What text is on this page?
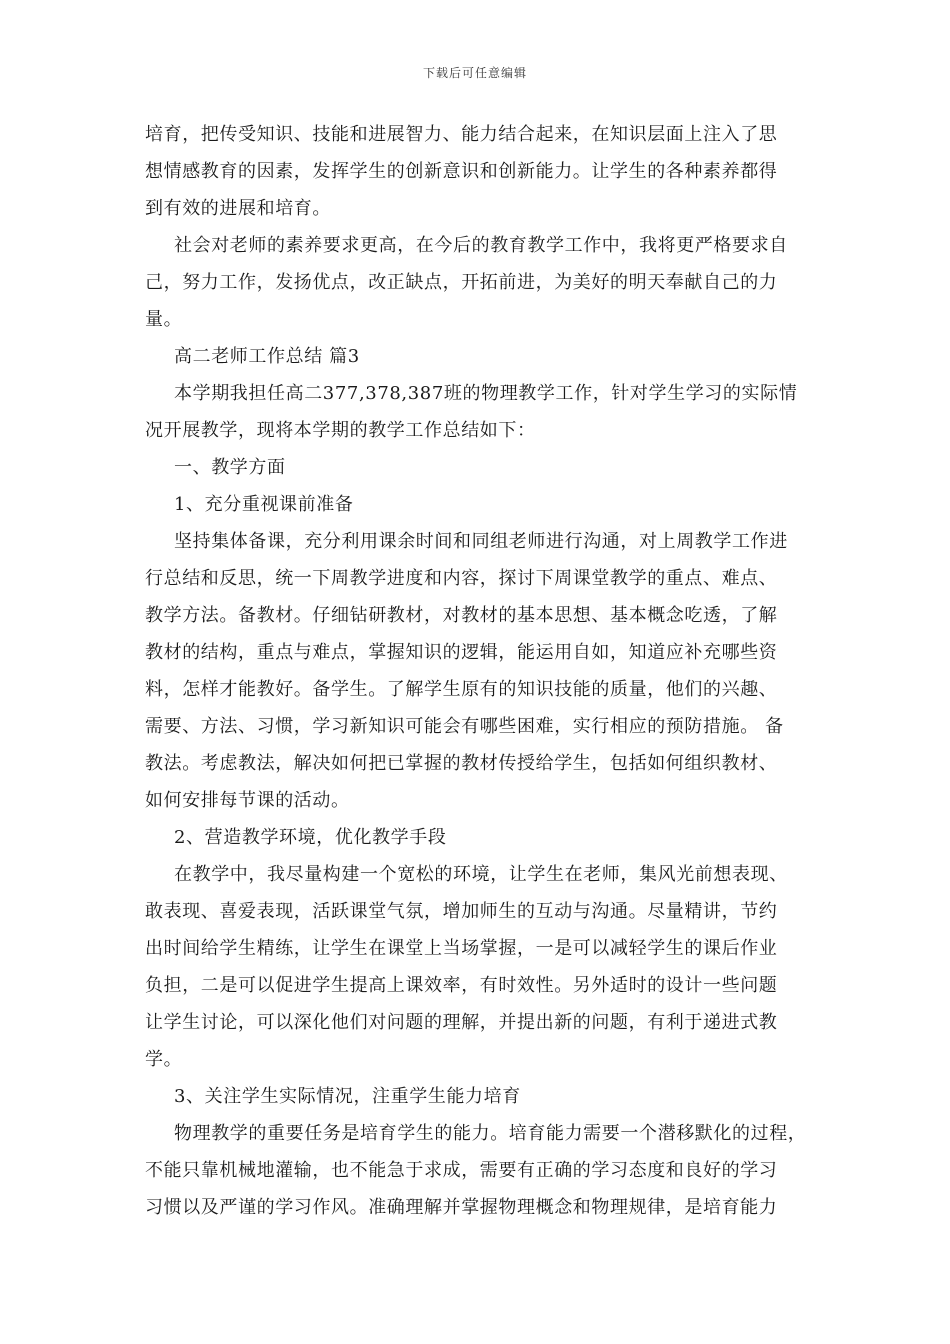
下载后可任意编辑
培育，把传受知识、技能和进展智力、能力结合起来，在知识层面上注入了思
想情感教育的因素，发挥学生的创新意识和创新能力。让学生的各种素养都得
到有效的进展和培育。
社会对老师的素养要求更高，在今后的教育教学工作中，我将更严格要求自
己，努力工作，发扬优点，改正缺点，开拓前进，为美好的明天奉献自己的力
量。
高二老师工作总结 篇3
本学期我担任高二377,378,387班的物理教学工作，针对学生学习的实际情
况开展教学，现将本学期的教学工作总结如下：
一、教学方面
1、充分重视课前准备
坚持集体备课，充分利用课余时间和同组老师进行沟通，对上周教学工作进
行总结和反思，统一下周教学进度和内容，探讨下周课堂教学的重点、难点、
教学方法。备教材。仔细钻研教材，对教材的基本思想、基本概念吃透，了解
教材的结构，重点与难点，掌握知识的逻辑，能运用自如，知道应补充哪些资
料，怎样才能教好。备学生。了解学生原有的知识技能的质量，他们的兴趣、
需要、方法、习惯，学习新知识可能会有哪些困难，实行相应的预防措施。 备
教法。考虑教法，解决如何把已掌握的教材传授给学生，包括如何组织教材、
如何安排每节课的活动。
2、营造教学环境，优化教学手段
在教学中，我尽量构建一个宽松的环境，让学生在老师，集风光前想表现、
敢表现、喜爱表现，活跃课堂气氛，增加师生的互动与沟通。尽量精讲，节约
出时间给学生精练，让学生在课堂上当场掌握，一是可以减轻学生的课后作业
负担，二是可以促进学生提高上课效率，有时效性。另外适时的设计一些问题
让学生讨论，可以深化他们对问题的理解，并提出新的问题，有利于递进式教
学。
3、关注学生实际情况，注重学生能力培育
物理教学的重要任务是培育学生的能力。培育能力需要一个潜移默化的过程，
不能只靠机械地灌输，也不能急于求成，需要有正确的学习态度和良好的学习
习惯以及严谨的学习作风。准确理解并掌握物理概念和物理规律，是培育能力
